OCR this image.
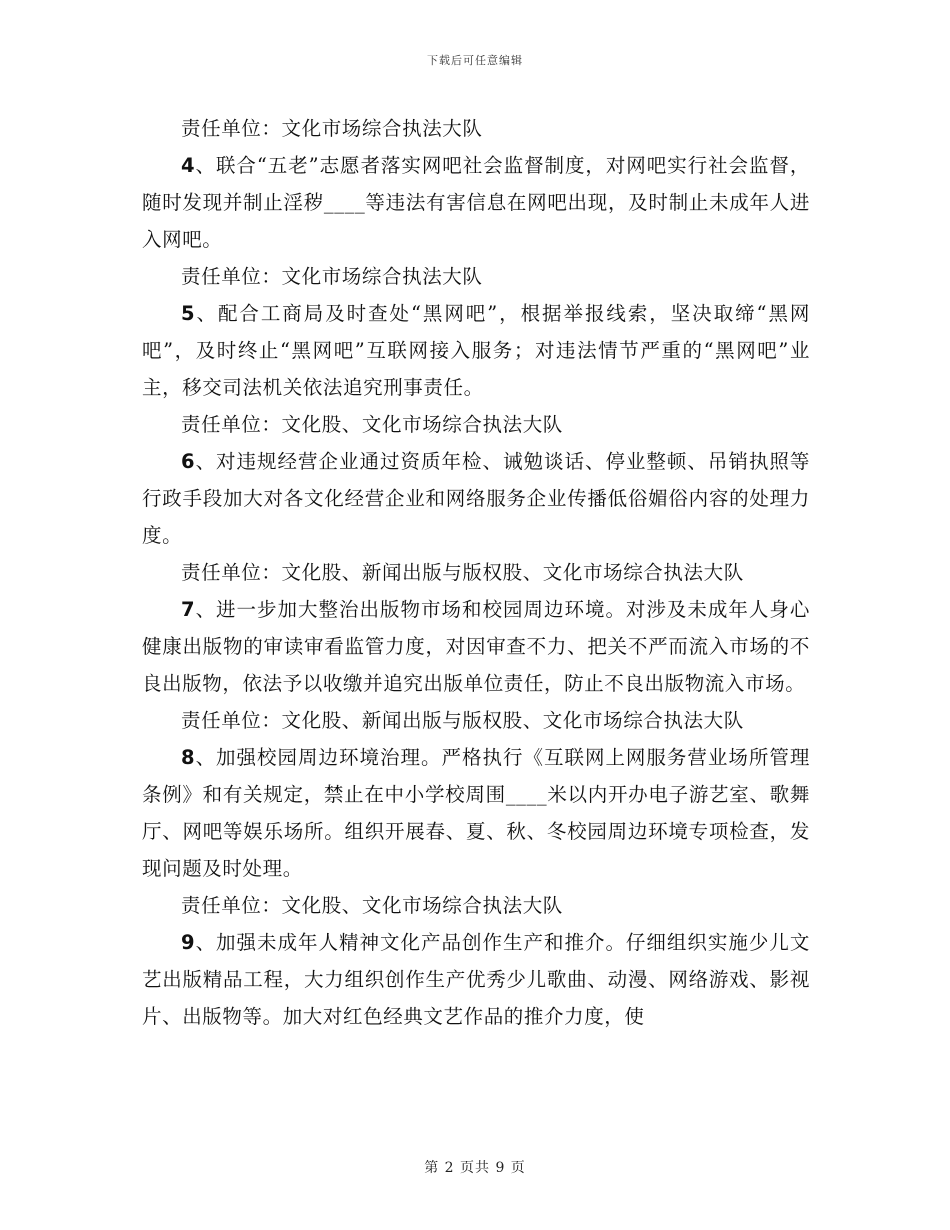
下载后可任意编辑

责任单位：文化市场综合执法大队

4、联合“五老”志愿者落实网吧社会监督制度，对网吧实行社会监督，随时发现并制止淫秽____等违法有害信息在网吧出现，及时制止未成年人进入网吧。

责任单位：文化市场综合执法大队

5、配合工商局及时查处“黑网吧”，根据举报线索，坚决取缔“黑网吧”，及时终止“黑网吧”互联网接入服务；对违法情节严重的“黑网吧”业主，移交司法机关依法追究刑事责任。

责任单位：文化股、文化市场综合执法大队

6、对违规经营企业通过资质年检、诫勉谈话、停业整顿、吊销执照等行政手段加大对各文化经营企业和网络服务企业传播低俗媚俗内容的处理力度。

责任单位：文化股、新闻出版与版权股、文化市场综合执法大队

7、进一步加大整治出版物市场和校园周边环境。对涉及未成年人身心健康出版物的审读审看监管力度，对因审查不力、把关不严而流入市场的不良出版物，依法予以收缴并追究出版单位责任，防止不良出版物流入市场。

责任单位：文化股、新闻出版与版权股、文化市场综合执法大队

8、加强校园周边环境治理。严格执行《互联网上网服务营业场所管理条例》和有关规定，禁止在中小学校周围____米以内开办电子游艺室、歌舞厅、网吧等娱乐场所。组织开展春、夏、秋、冬校园周边环境专项检查，发现问题及时处理。

责任单位：文化股、文化市场综合执法大队

9、加强未成年人精神文化产品创作生产和推介。仔细组织实施少儿文艺出版精品工程，大力组织创作生产优秀少儿歌曲、动漫、网络游戏、影视片、出版物等。加大对红色经典文艺作品的推介力度，使

第 2 页共 9 页
